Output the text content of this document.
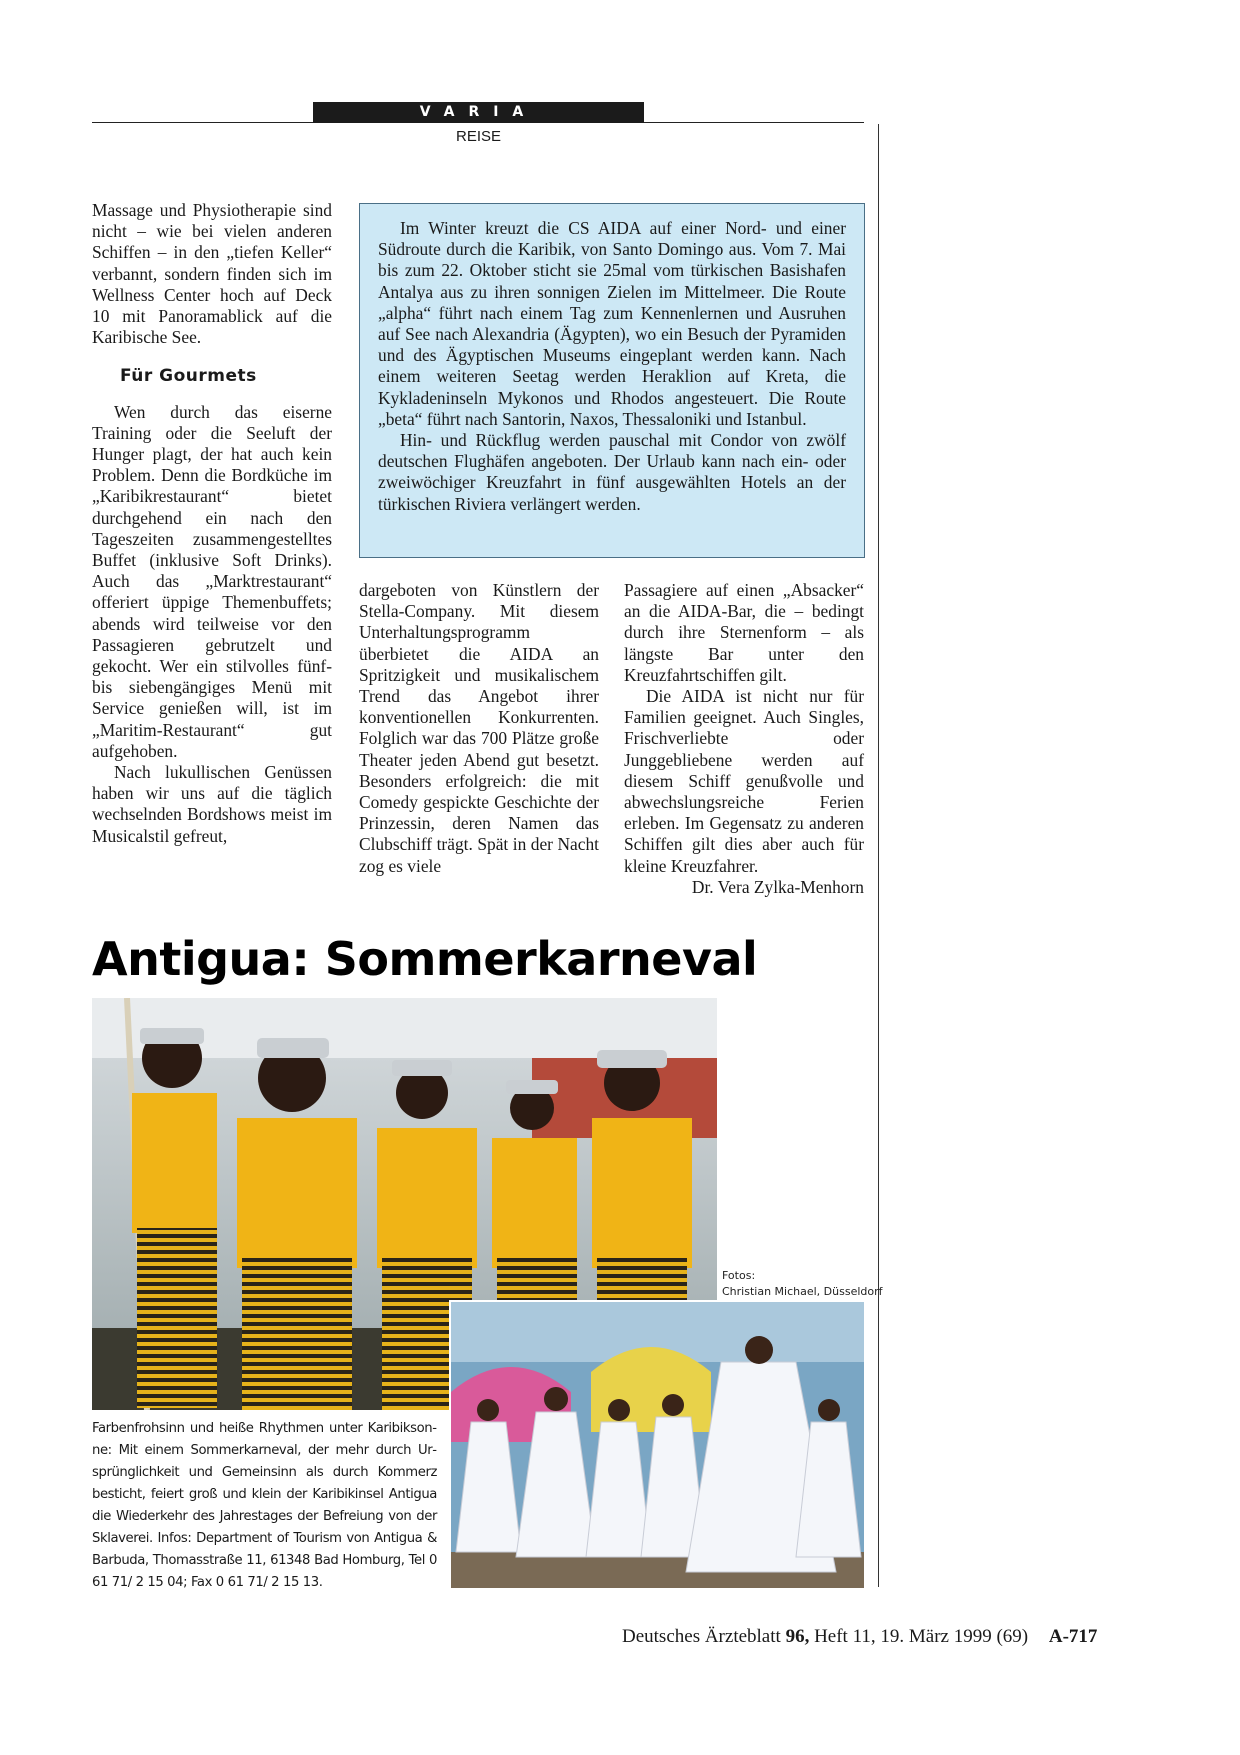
VARIA
REISE

Massage und Physiotherapie sind nicht – wie bei vielen anderen Schiffen – in den „tiefen Keller“ verbannt, sondern finden sich im Wellness Center hoch auf Deck 10 mit Panoramablick auf die Karibische See.

Für Gourmets

Wen durch das eiserne Training oder die Seeluft der Hunger plagt, der hat auch kein Problem. Denn die Bordküche im „Karibikrestaurant“ bietet durchgehend ein nach den Tageszeiten zusammengestelltes Buffet (inklusive Soft Drinks). Auch das „Marktrestaurant“ offeriert üppige Themenbuffets; abends wird teilweise vor den Passagieren gebrutzelt und gekocht. Wer ein stilvolles fünf- bis siebengängiges Menü mit Service genießen will, ist im „Maritim-Restaurant“ gut aufgehoben.

Nach lukullischen Genüssen haben wir uns auf die täglich wechselnden Bordshows meist im Musicalstil gefreut,

Im Winter kreuzt die CS AIDA auf einer Nord- und einer Südroute durch die Karibik, von Santo Domingo aus. Vom 7. Mai bis zum 22. Oktober sticht sie 25mal vom türkischen Basishafen Antalya aus zu ihren sonnigen Zielen im Mittelmeer. Die Route „alpha“ führt nach einem Tag zum Kennenlernen und Ausruhen auf See nach Alexandria (Ägypten), wo ein Besuch der Pyramiden und des Ägyptischen Museums eingeplant werden kann. Nach einem weiteren Seetag werden Heraklion auf Kreta, die Kykladeninseln Mykonos und Rhodos angesteuert. Die Route „beta“ führt nach Santorin, Naxos, Thessaloniki und Istanbul.

Hin- und Rückflug werden pauschal mit Condor von zwölf deutschen Flughäfen angeboten. Der Urlaub kann nach ein- oder zweiwöchiger Kreuzfahrt in fünf ausgewählten Hotels an der türkischen Riviera verlängert werden.

dargeboten von Künstlern der Stella-Company. Mit diesem Unterhaltungsprogramm überbietet die AIDA an Spritzigkeit und musikalischem Trend das Angebot ihrer konventionellen Konkurrenten. Folglich war das 700 Plätze große Theater jeden Abend gut besetzt. Besonders erfolgreich: die mit Comedy gespickte Geschichte der Prinzessin, deren Namen das Clubschiff trägt. Spät in der Nacht zog es viele

Passagiere auf einen „Absacker“ an die AIDA-Bar, die – bedingt durch ihre Sternenform – als längste Bar unter den Kreuzfahrtschiffen gilt.

Die AIDA ist nicht nur für Familien geeignet. Auch Singles, Frischverliebte oder Junggebliebene werden auf diesem Schiff genußvolle und abwechslungsreiche Ferien erleben. Im Gegensatz zu anderen Schiffen gilt dies aber auch für kleine Kreuzfahrer.

Dr. Vera Zylka-Menhorn

Antigua: Sommerkarneval
Fotos:
Christian Michael, Düsseldorf
Farbenfrohsinn und heiße Rhythmen unter Karibiksonne: Mit einem Sommerkarneval, der mehr durch Ursprünglichkeit und Gemeinsinn als durch Kommerz besticht, feiert groß und klein der Karibikinsel Antigua die Wiederkehr des Jahrestages der Befreiung von der Sklaverei. Infos: Department of Tourism von Antigua & Barbuda, Thomasstraße 11, 61348 Bad Homburg, Tel 0 61 71/ 2 15 04; Fax 0 61 71/ 2 15 13.
Deutsches Ärzteblatt 96, Heft 11, 19. März 1999 (69) A-717
